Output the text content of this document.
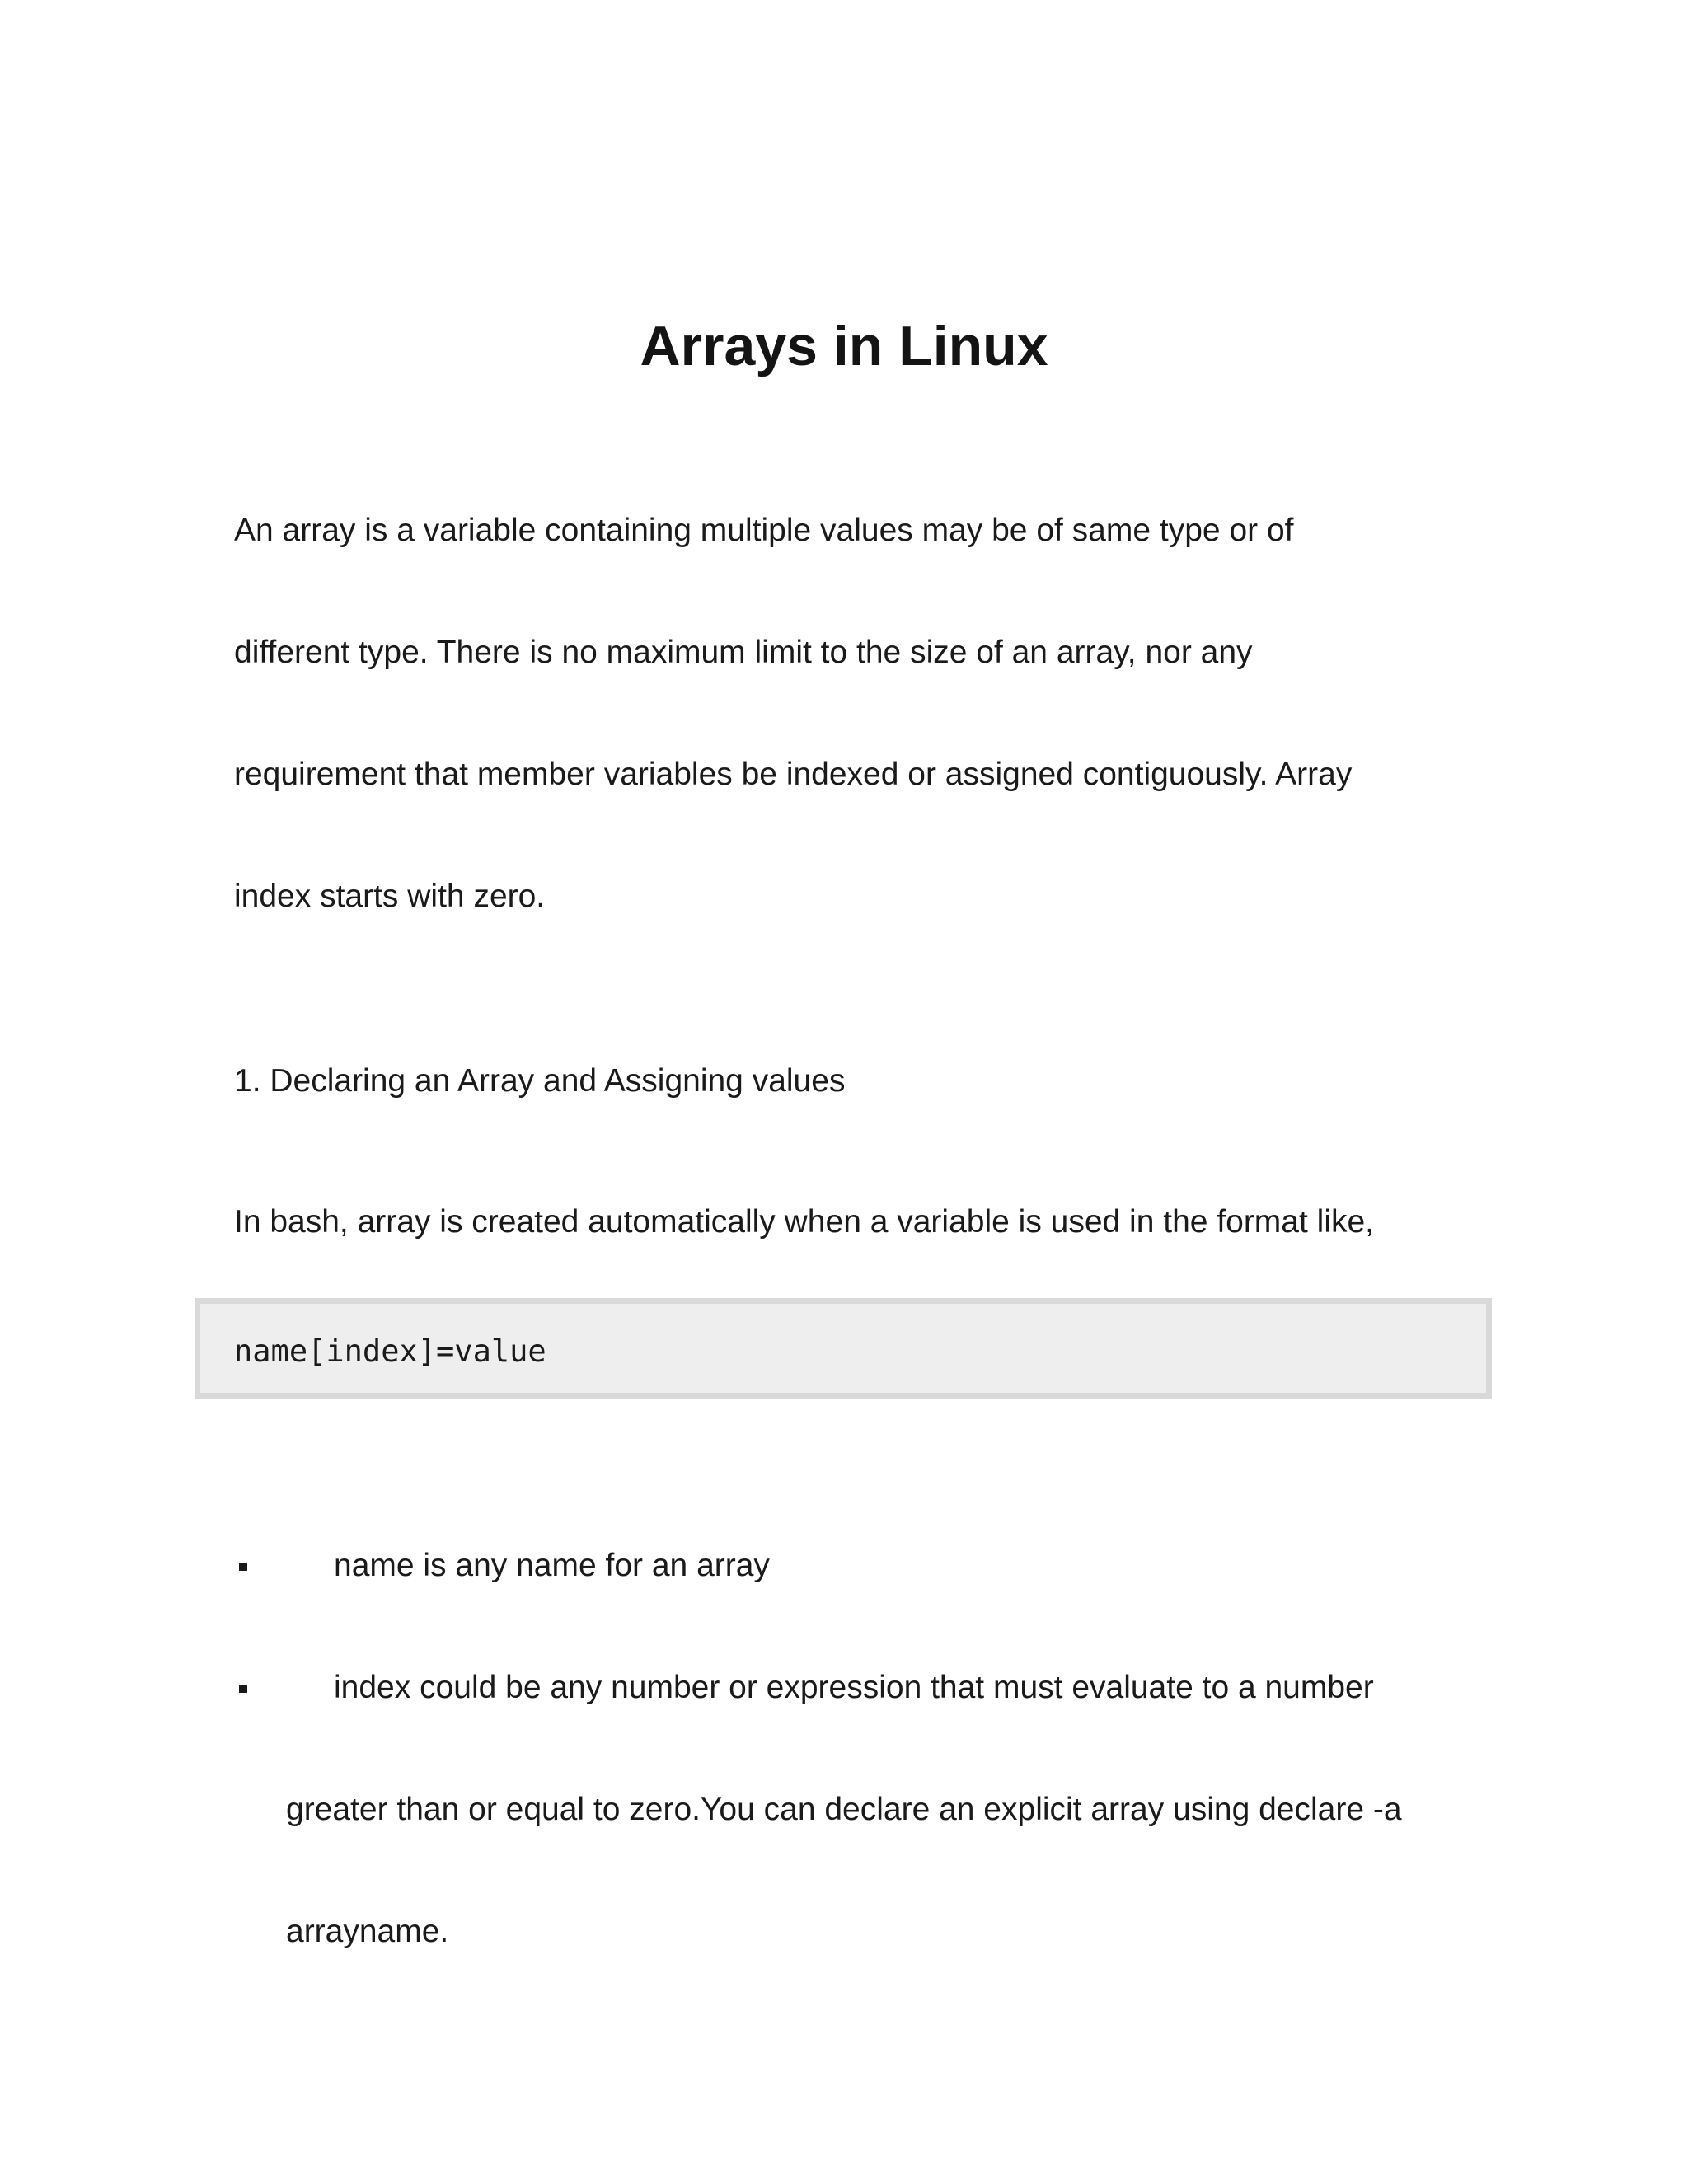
Arrays in Linux
An array is a variable containing multiple values may be of same type or of
different type. There is no maximum limit to the size of an array, nor any
requirement that member variables be indexed or assigned contiguously. Array
index starts with zero.
1. Declaring an Array and Assigning values

In bash, array is created automatically when a variable is used in the format like,

name[index]=value
name is any name for an array
index could be any number or expression that must evaluate to a number
greater than or equal to zero.You can declare an explicit array using declare -a
arrayname.
